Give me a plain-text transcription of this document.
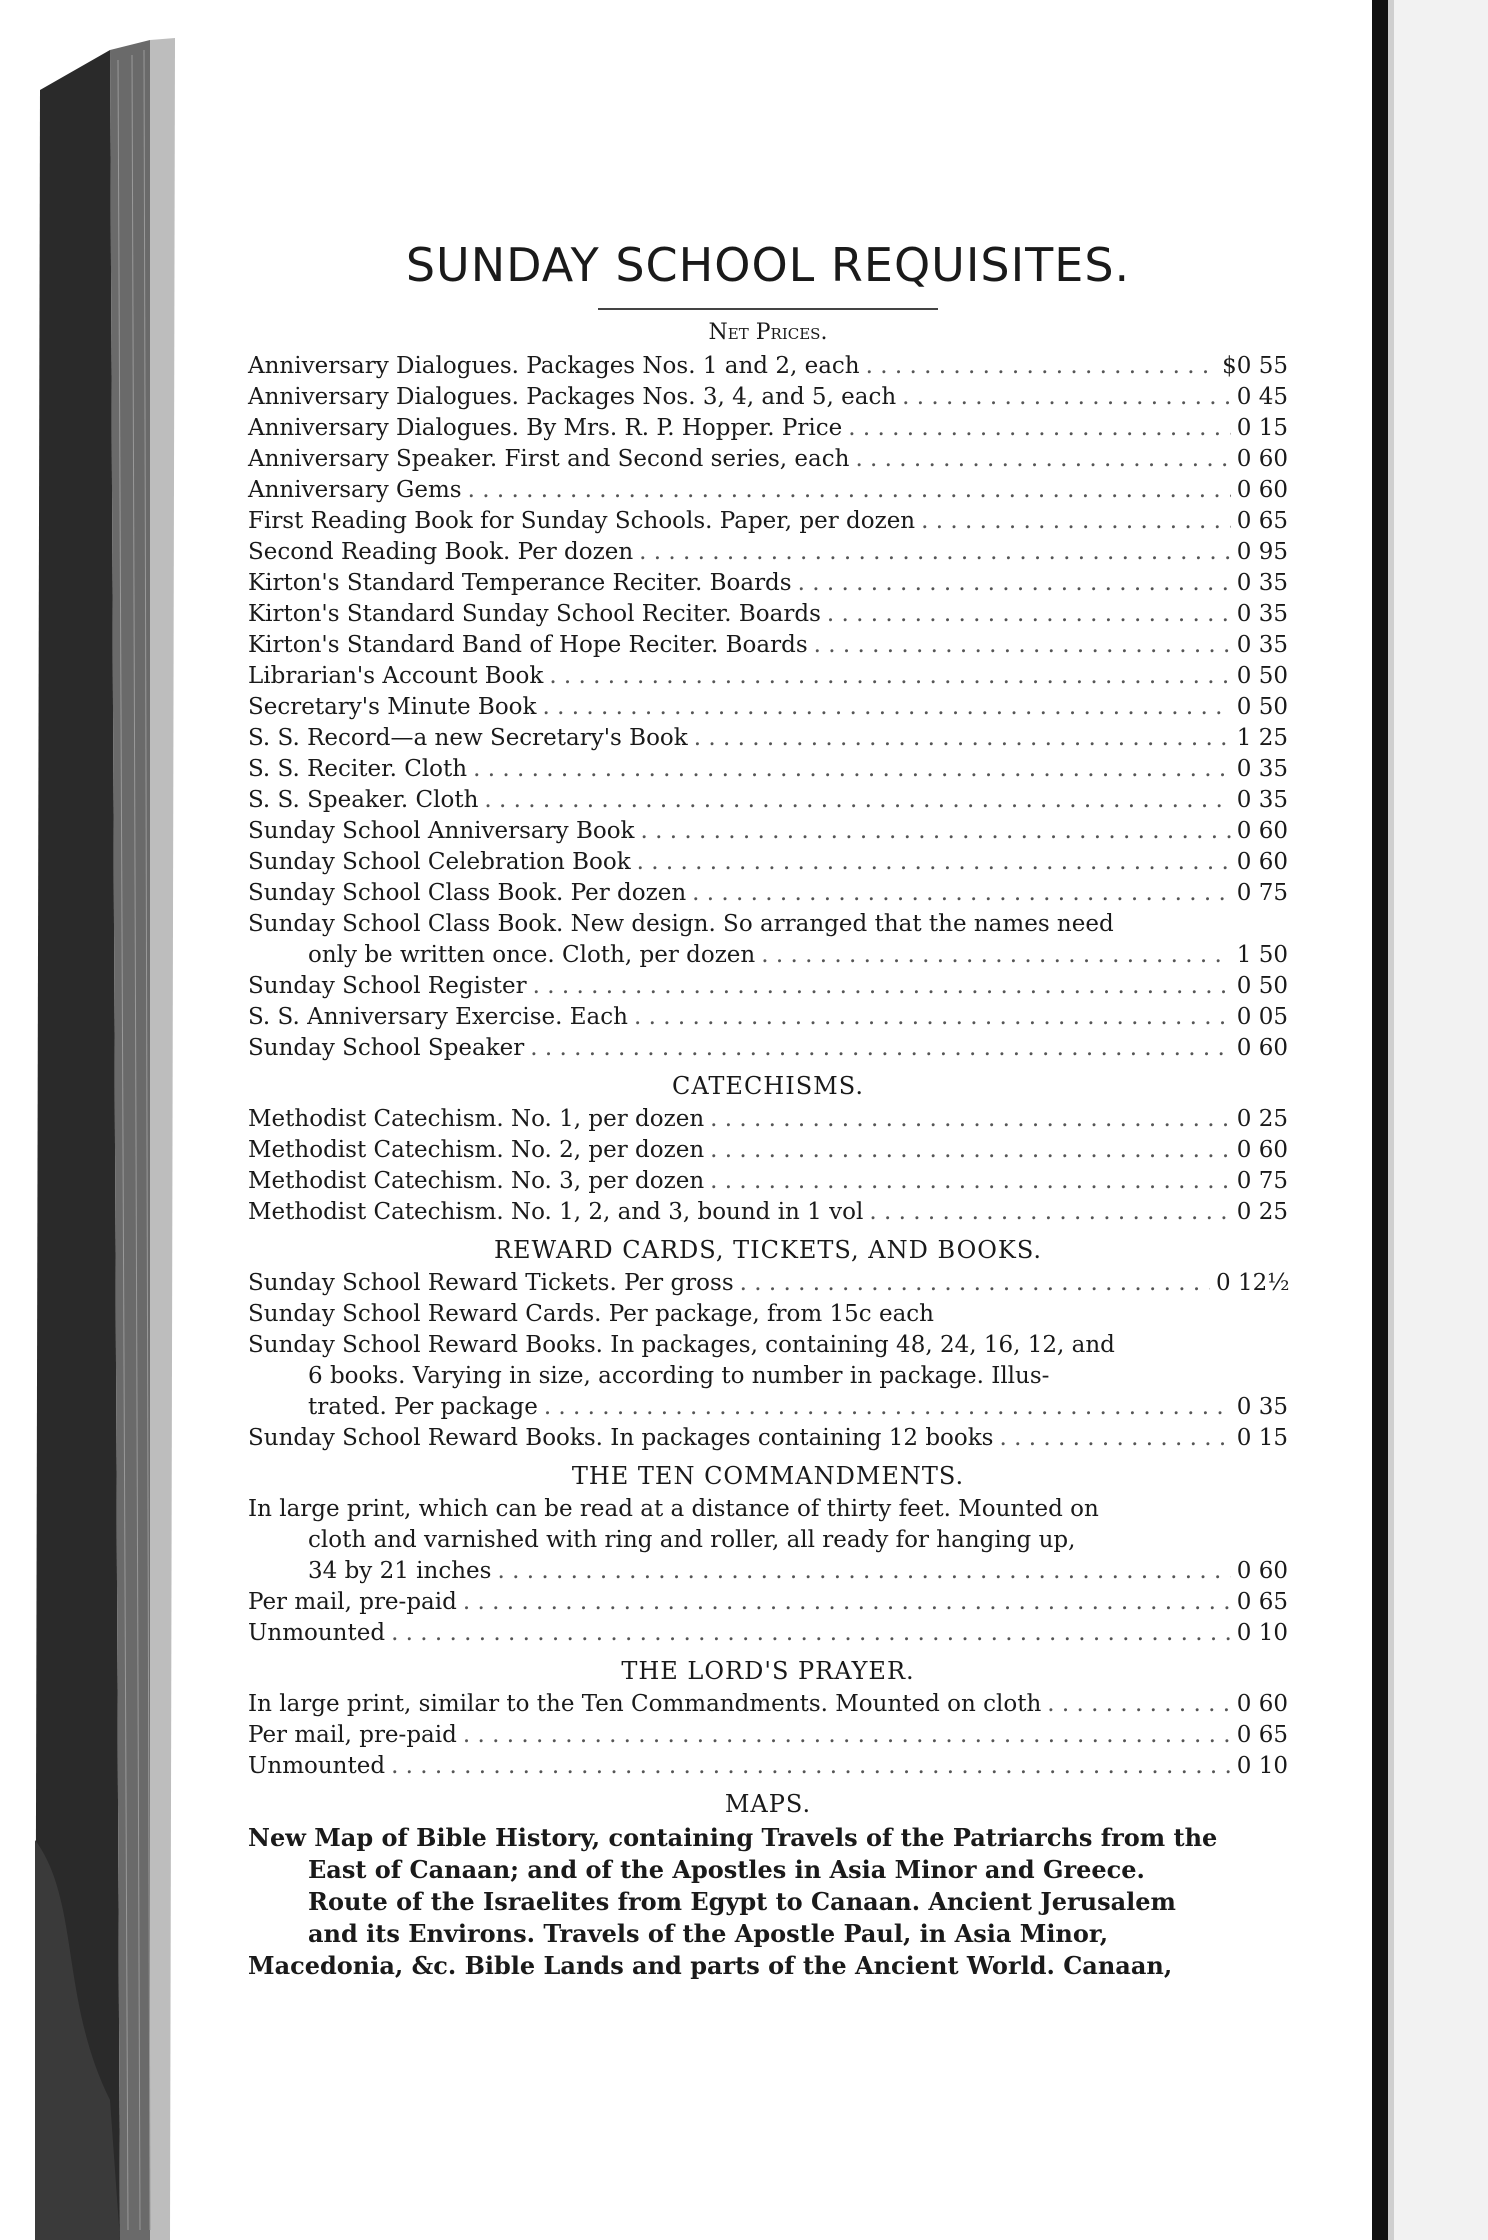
SUNDAY SCHOOL REQUISITES.
Net Prices.
Anniversary Dialogues. Packages Nos. 1 and 2, each . . .	$0 55
Anniversary Dialogues. Packages Nos. 3, 4, and 5, each . . .	0 45
Anniversary Dialogues. By Mrs. R. P. Hopper. Price . . .	0 15
Anniversary Speaker. First and Second series, each . . .	0 60
Anniversary Gems . . .	0 60
First Reading Book for Sunday Schools. Paper, per dozen . . .	0 65
Second Reading Book. Per dozen . . .	0 95
Kirton's Standard Temperance Reciter. Boards . . .	0 35
Kirton's Standard Sunday School Reciter. Boards . . .	0 35
Kirton's Standard Band of Hope Reciter. Boards . . .	0 35
Librarian's Account Book . . .	0 50
Secretary's Minute Book . . .	0 50
S. S. Record—a new Secretary's Book . . .	1 25
S. S. Reciter. Cloth . . .	0 35
S. S. Speaker. Cloth . . .	0 35
Sunday School Anniversary Book . . .	0 60
Sunday School Celebration Book . . .	0 60
Sunday School Class Book. Per dozen . . .	0 75
Sunday School Class Book. New design. So arranged that the names need
only be written once. Cloth, per dozen . . .	1 50
Sunday School Register . . .	0 50
S. S. Anniversary Exercise. Each . . .	0 05
Sunday School Speaker . . .	0 60
CATECHISMS.
Methodist Catechism. No. 1, per dozen . . .	0 25
Methodist Catechism. No. 2, per dozen . . .	0 60
Methodist Catechism. No. 3, per dozen . . .	0 75
Methodist Catechism. No. 1, 2, and 3, bound in 1 vol . . .	0 25
REWARD CARDS, TICKETS, AND BOOKS.
Sunday School Reward Tickets. Per gross . . .	0 12½
Sunday School Reward Cards. Per package, from 15c each
Sunday School Reward Books. In packages, containing 48, 24, 16, 12, and
6 books. Varying in size, according to number in package. Illus-
trated. Per package . . .	0 35
Sunday School Reward Books. In packages containing 12 books . . .	0 15
THE TEN COMMANDMENTS.
In large print, which can be read at a distance of thirty feet. Mounted on
cloth and varnished with ring and roller, all ready for hanging up,
34 by 21 inches . . .	0 60
Per mail, pre-paid . . .	0 65
Unmounted . . .	0 10
THE LORD'S PRAYER.
In large print, similar to the Ten Commandments. Mounted on cloth . . .	0 60
Per mail, pre-paid . . .	0 65
Unmounted . . .	0 10
MAPS.
New Map of Bible History, containing Travels of the Patriarchs from the
East of Canaan; and of the Apostles in Asia Minor and Greece.
Route of the Israelites from Egypt to Canaan. Ancient Jerusalem
and its Environs. Travels of the Apostle Paul, in Asia Minor,
Macedonia, &c. Bible Lands and parts of the Ancient World. Canaan,
